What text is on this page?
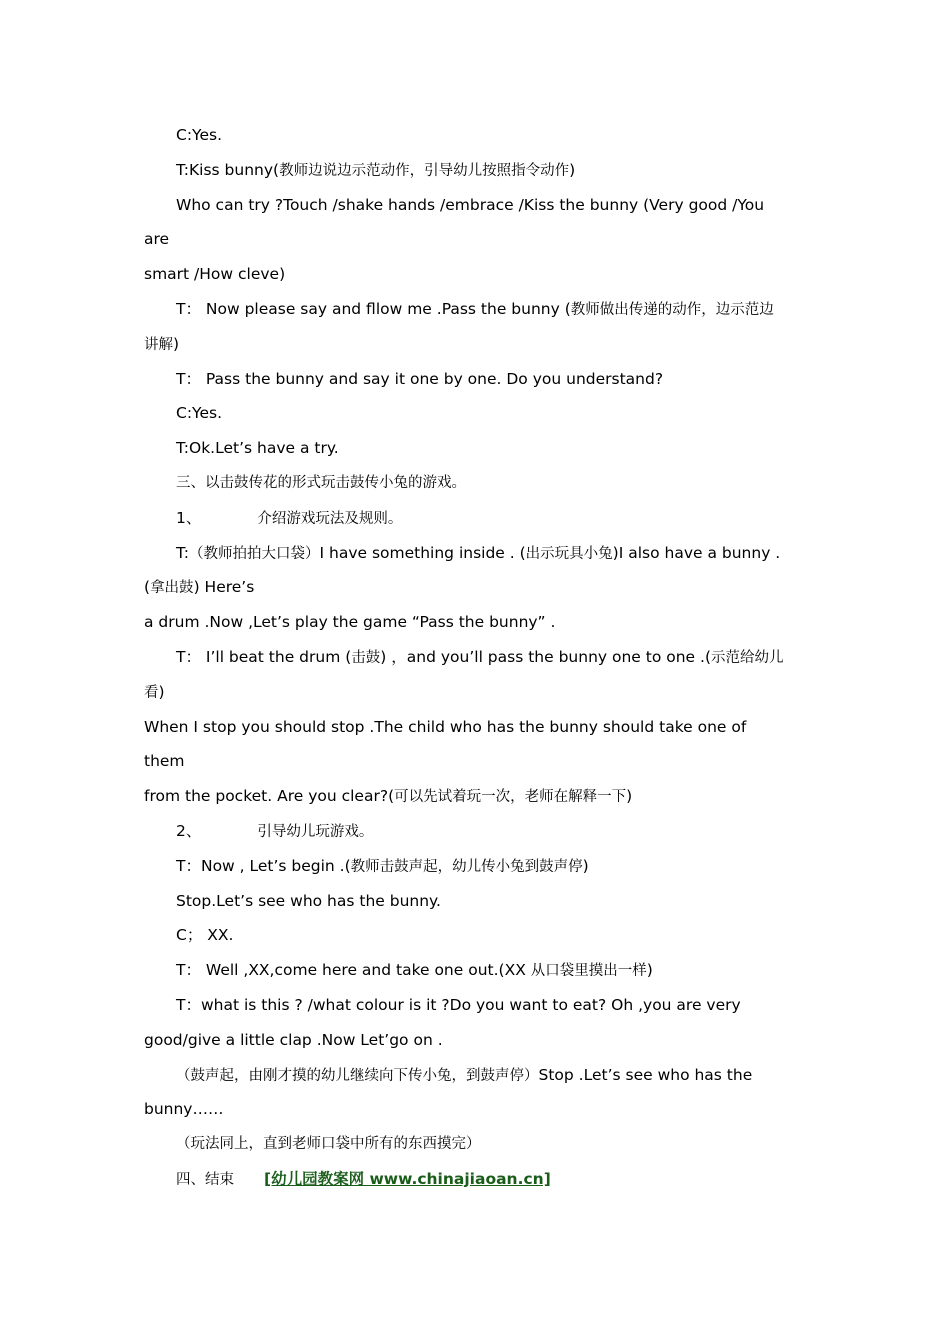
C:Yes.
T:Kiss bunny(教师边说边示范动作，引导幼儿按照指令动作)
Who can try ?Touch /shake hands /embrace /Kiss the bunny (Very good /You
are
smart /How cleve)
T： Now please say and fllow me .Pass the bunny (教师做出传递的动作，边示范边
讲解)
T： Pass the bunny and say it one by one. Do you understand?
C:Yes.
T:Ok.Let’s have a try.
三、以击鼓传花的形式玩击鼓传小兔的游戏。
1、	介绍游戏玩法及规则。
T:（教师拍拍大口袋）I have something inside . (出示玩具小兔)I also have a bunny .
(拿出鼓) Here’s
a drum .Now ,Let’s play the game “Pass the bunny” .
T： I’ll beat the drum (击鼓) ，and you’ll pass the bunny one to one .(示范给幼儿
看)
When I stop you should stop .The child who has the bunny should take one of
them
from the pocket. Are you clear?(可以先试着玩一次，老师在解释一下)
2、	引导幼儿玩游戏。
T：Now , Let’s begin .(教师击鼓声起，幼儿传小兔到鼓声停)
Stop.Let’s see who has the bunny.
C； XX.
T： Well ,XX,come here and take one out.(XX 从口袋里摸出一样)
T：what is this ? /what colour is it ?Do you want to eat? Oh ,you are very
good/give a little clap .Now Let’go on .
（鼓声起，由刚才摸的幼儿继续向下传小兔，到鼓声停）Stop .Let’s see who has the
bunny……
（玩法同上，直到老师口袋中所有的东西摸完）
四、结束 [幼儿园教案网 www.chinajiaoan.cn]
